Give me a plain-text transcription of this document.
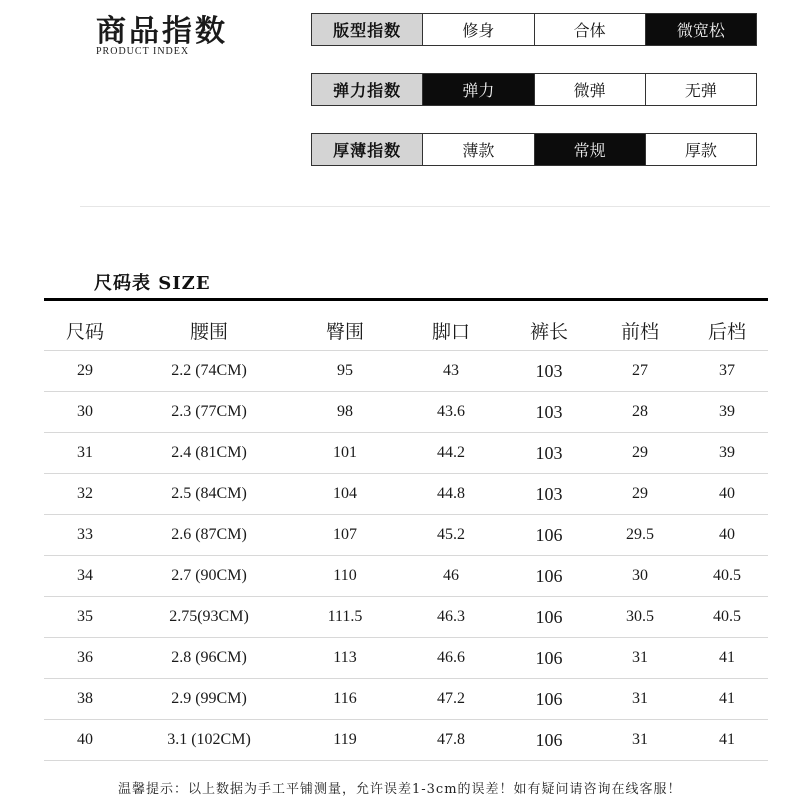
商品指数
PRODUCT INDEX
版型指数	修身	合体	微宽松
弹力指数	弹力	微弹	无弹
厚薄指数	薄款	常规	厚款
尺码表 SIZE
尺码	腰围	臀围	脚口	裤长	前档	后档
29	2.2 (74CM)	95	43	103	27	37
30	2.3 (77CM)	98	43.6	103	28	39
31	2.4 (81CM)	101	44.2	103	29	39
32	2.5 (84CM)	104	44.8	103	29	40
33	2.6 (87CM)	107	45.2	106	29.5	40
34	2.7 (90CM)	110	46	106	30	40.5
35	2.75(93CM)	111.5	46.3	106	30.5	40.5
36	2.8 (96CM)	113	46.6	106	31	41
38	2.9 (99CM)	116	47.2	106	31	41
40	3.1 (102CM)	119	47.8	106	31	41
温馨提示：以上数据为手工平铺测量，允许误差1-3cm的误差！如有疑问请咨询在线客服！
